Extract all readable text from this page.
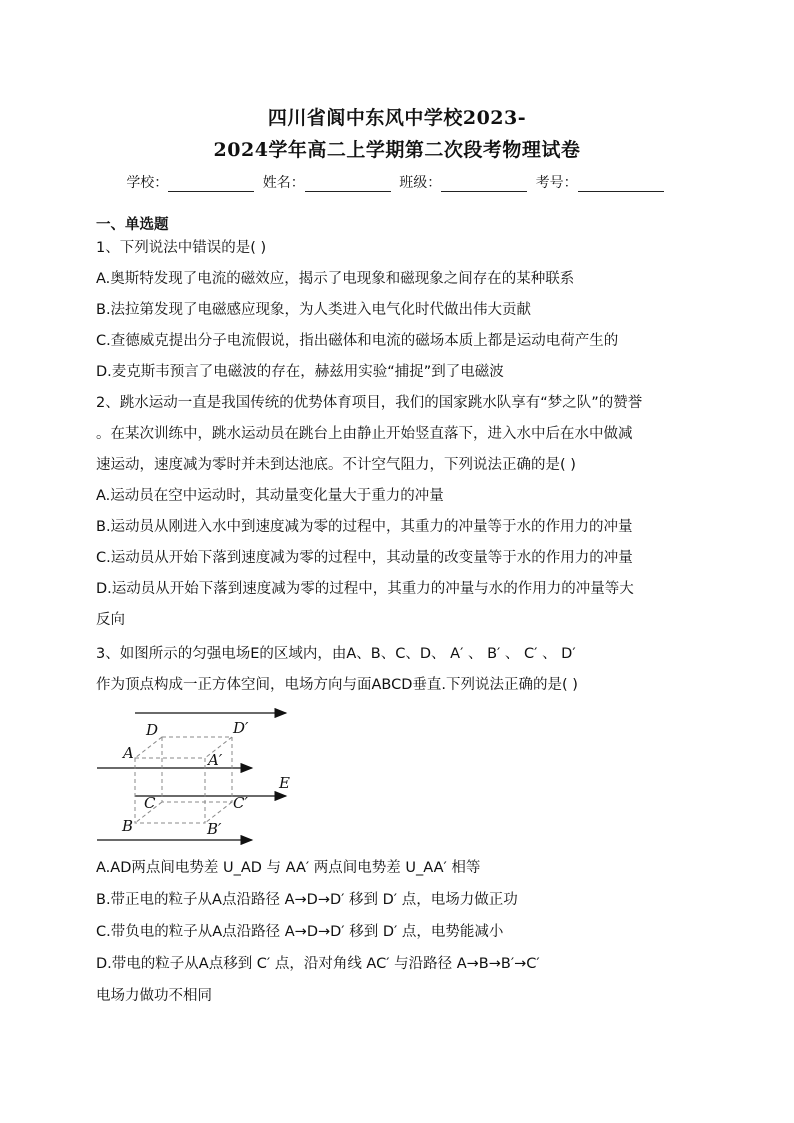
四川省阆中东风中学校2023-
2024学年高二上学期第二次段考物理试卷
学校：	姓名：	班级：	考号：
一、单选题
1、下列说法中错误的是( )
A.奥斯特发现了电流的磁效应，揭示了电现象和磁现象之间存在的某种联系
B.法拉第发现了电磁感应现象，为人类进入电气化时代做出伟大贡献
C.查德威克提出分子电流假说，指出磁体和电流的磁场本质上都是运动电荷产生的
D.麦克斯韦预言了电磁波的存在，赫兹用实验“捕捉”到了电磁波
2、跳水运动一直是我国传统的优势体育项目，我们的国家跳水队享有“梦之队”的赞誉
。在某次训练中，跳水运动员在跳台上由静止开始竖直落下，进入水中后在水中做减
速运动，速度减为零时并未到达池底。不计空气阻力，下列说法正确的是( )
A.运动员在空中运动时，其动量变化量大于重力的冲量
B.运动员从刚进入水中到速度减为零的过程中，其重力的冲量等于水的作用力的冲量
C.运动员从开始下落到速度减为零的过程中，其动量的改变量等于水的作用力的冲量
D.运动员从开始下落到速度减为零的过程中，其重力的冲量与水的作用力的冲量等大
反向
3、如图所示的匀强电场E的区域内，由A、B、C、D、 A′ 、 B′ 、 C′ 、 D′
作为顶点构成一正方体空间，电场方向与面ABCD垂直.下列说法正确的是( )
D	D′
A	A′
C	C′
B	B′
E
A.AD两点间电势差 U_AD 与 AA′ 两点间电势差 U_AA′ 相等
B.带正电的粒子从A点沿路径 A→D→D′ 移到 D′ 点，电场力做正功
C.带负电的粒子从A点沿路径 A→D→D′ 移到 D′ 点，电势能减小
D.带电的粒子从A点移到 C′ 点，沿对角线 AC′ 与沿路径 A→B→B′→C′
电场力做功不相同
